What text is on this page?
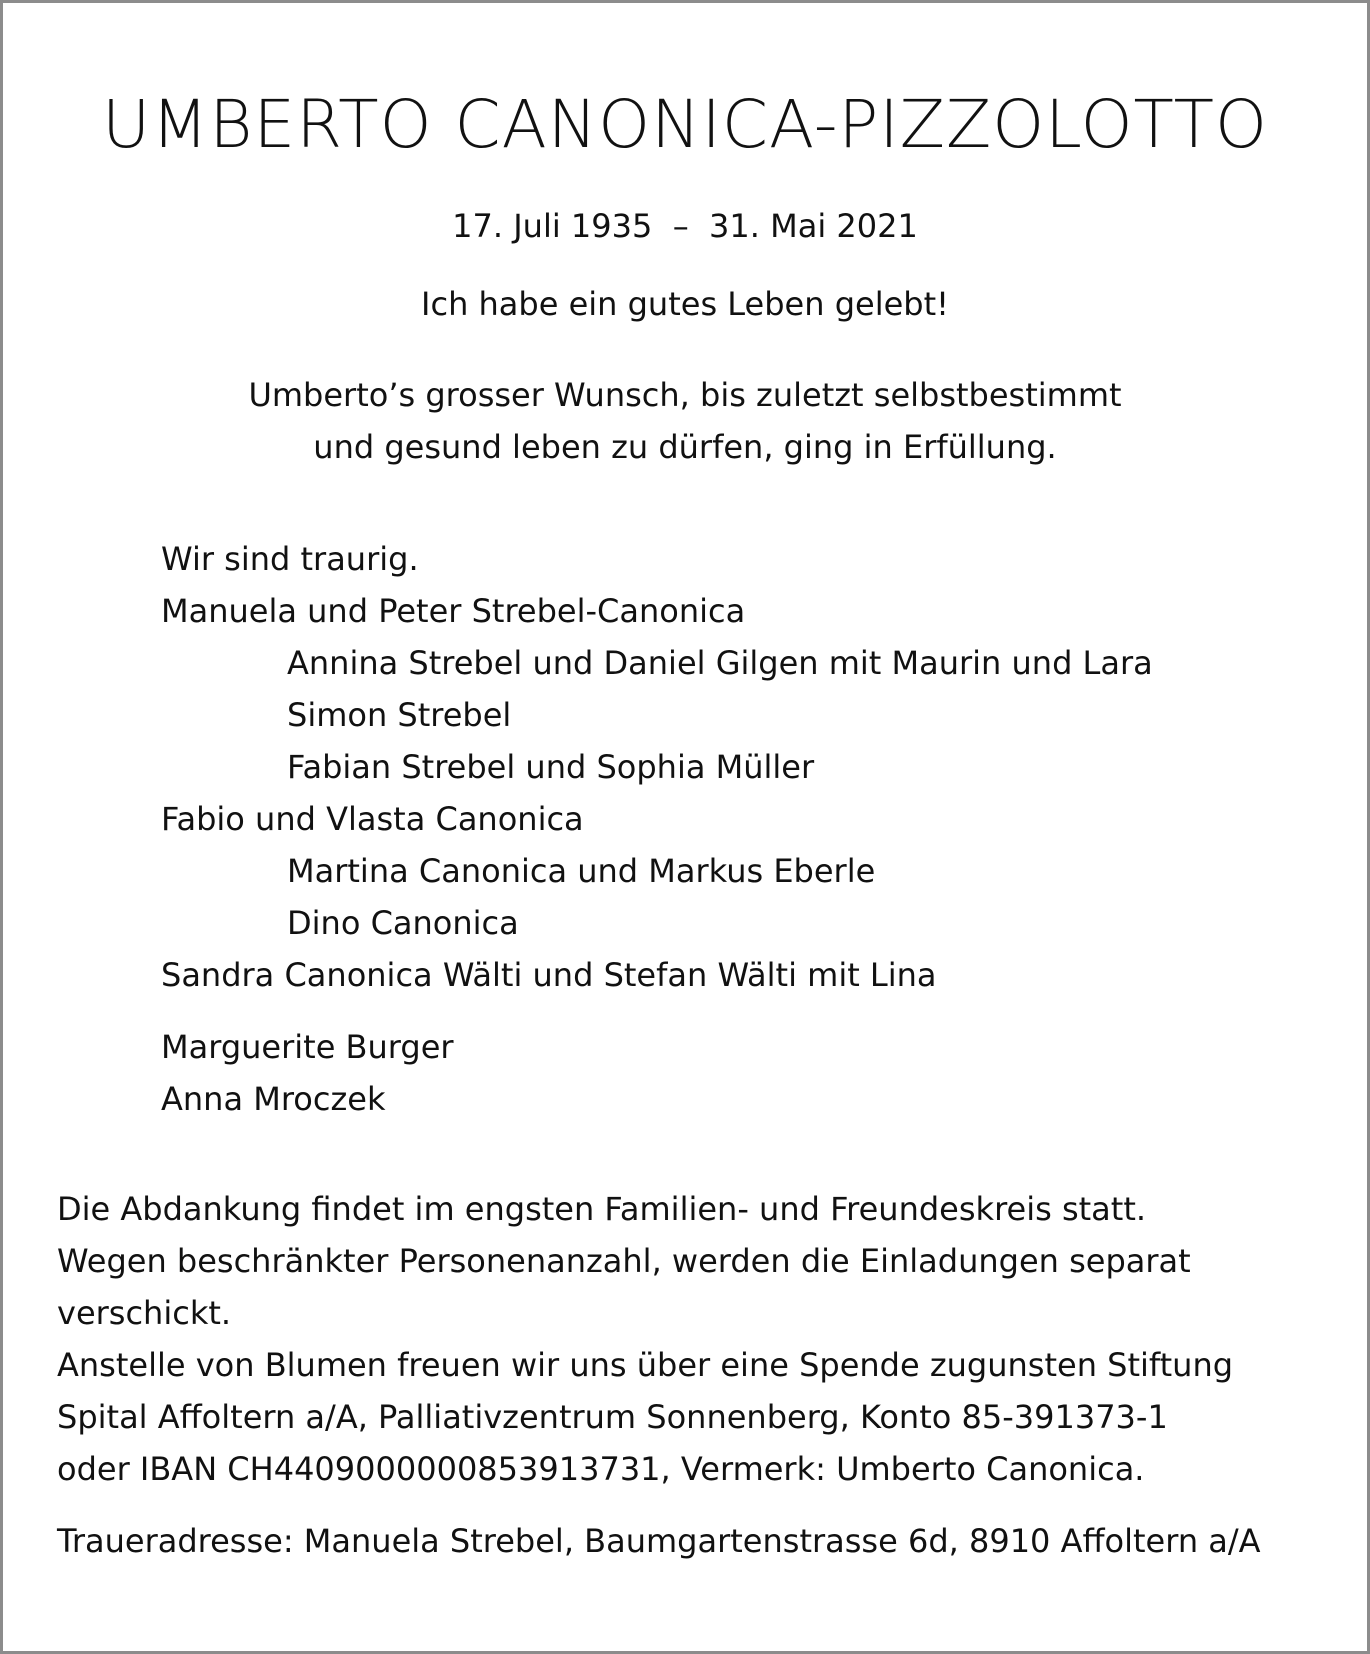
UMBERTO CANONICA-PIZZOLOTTO
17. Juli 1935  –  31. Mai 2021
Ich habe ein gutes Leben gelebt!
Umberto’s grosser Wunsch, bis zuletzt selbstbestimmt
und gesund leben zu dürfen, ging in Erfüllung.
Wir sind traurig.
Manuela und Peter Strebel-Canonica
Annina Strebel und Daniel Gilgen mit Maurin und Lara
Simon Strebel
Fabian Strebel und Sophia Müller
Fabio und Vlasta Canonica
Martina Canonica und Markus Eberle
Dino Canonica
Sandra Canonica Wälti und Stefan Wälti mit Lina
Marguerite Burger
Anna Mroczek
Die Abdankung findet im engsten Familien- und Freundeskreis statt.
Wegen beschränkter Personenanzahl, werden die Einladungen separat
verschickt.
Anstelle von Blumen freuen wir uns über eine Spende zugunsten Stiftung
Spital Affoltern a/A, Palliativzentrum Sonnenberg, Konto 85-391373-1
oder IBAN CH4409000000853913731, Vermerk: Umberto Canonica.
Traueradresse: Manuela Strebel, Baumgartenstrasse 6d, 8910 Affoltern a/A
